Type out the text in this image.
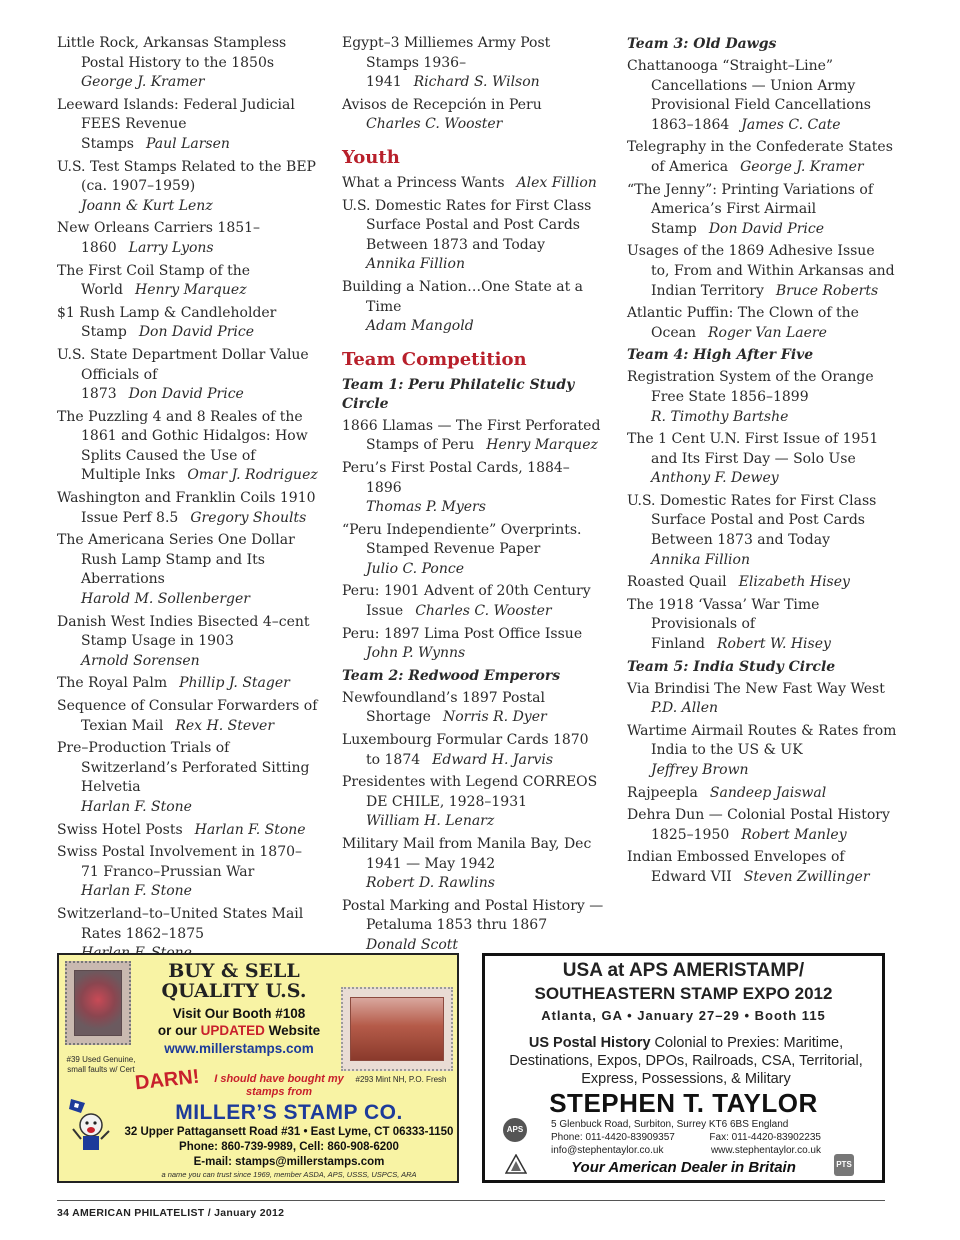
Little Rock, Arkansas Stampless Postal History to the 1850s
George J. Kramer
Leeward Islands: Federal Judicial FEES Revenue Stamps Paul Larsen
U.S. Test Stamps Related to the BEP (ca. 1907–1959)
Joann & Kurt Lenz
New Orleans Carriers 1851–1860 Larry Lyons
The First Coil Stamp of the World Henry Marquez
$1 Rush Lamp & Candleholder Stamp Don David Price
U.S. State Department Dollar Value Officials of 1873 Don David Price
The Puzzling 4 and 8 Reales of the 1861 and Gothic Hidalgos: How Splits Caused the Use of Multiple Inks Omar J. Rodriguez
Washington and Franklin Coils 1910 Issue Perf 8.5 Gregory Shoults
The Americana Series One Dollar Rush Lamp Stamp and Its Aberrations
Harold M. Sollenberger
Danish West Indies Bisected 4–cent Stamp Usage in 1903
Arnold Sorensen
The Royal Palm Phillip J. Stager
Sequence of Consular Forwarders of Texian Mail Rex H. Stever
Pre–Production Trials of Switzerland’s Perforated Sitting Helvetia
Harlan F. Stone
Swiss Hotel Posts Harlan F. Stone
Swiss Postal Involvement in 1870–71 Franco–Prussian War
Harlan F. Stone
Switzerland–to–United States Mail Rates 1862–1875
Egypt–3 Milliemes Army Post Stamps 1936–1941 Richard S. Wilson
Avisos de Recepción in Peru
Charles C. Wooster
Youth
What a Princess Wants Alex Fillion
U.S. Domestic Rates for First Class Surface Postal and Post Cards Between 1873 and Today
Annika Fillion
Building a Nation…One State at a Time
Adam Mangold
Team Competition
Team 1: Peru Philatelic Study Circle
1866 Llamas — The First Perforated Stamps of Peru Henry Marquez
Peru’s First Postal Cards, 1884–1896
Thomas P. Myers
“Peru Independiente” Overprints. Stamped Revenue Paper
Julio C. Ponce
Peru: 1901 Advent of 20th Century Issue Charles C. Wooster
Peru: 1897 Lima Post Office Issue
John P. Wynns
Team 2: Redwood Emperors
Newfoundland’s 1897 Postal Shortage Norris R. Dyer
Luxembourg Formular Cards 1870 to 1874 Edward H. Jarvis
Presidentes with Legend CORREOS DE CHILE, 1928–1931
William H. Lenarz
Military Mail from Manila Bay, Dec 1941 — May 1942
Robert D. Rawlins
Postal Marking and Postal History — Petaluma 1853 thru 1867
Donald Scott
Team 3: Old Dawgs
Chattanooga “Straight–Line” Cancellations — Union Army Provisional Field Cancellations 1863–1864 James C. Cate
Telegraphy in the Confederate States of America George J. Kramer
“The Jenny”: Printing Variations of America’s First Airmail Stamp Don David Price
Usages of the 1869 Adhesive Issue to, From and Within Arkansas and Indian Territory Bruce Roberts
Atlantic Puffin: The Clown of the Ocean Roger Van Laere
Team 4: High After Five
Registration System of the Orange Free State 1856–1899
R. Timothy Bartshe
The 1 Cent U.N. First Issue of 1951 and Its First Day — Solo Use
Anthony F. Dewey
U.S. Domestic Rates for First Class Surface Postal and Post Cards Between 1873 and Today
Annika Fillion
Roasted Quail Elizabeth Hisey
The 1918 ‘Vassa’ War Time Provisionals of Finland Robert W. Hisey
Team 5: India Study Circle
Via Brindisi The New Fast Way West
P.D. Allen
Wartime Airmail Routes & Rates from India to the US & UK
Jeffrey Brown
Rajpeepla Sandeep Jaiswal
Dehra Dun — Colonial Postal History 1825–1950 Robert Manley
Indian Embossed Envelopes of Edward VII Steven Zwillinger
#39 Used Genuine, small faults w/ Cert
BUY & SELL
QUALITY U.S.
Visit Our Booth #108
or our UPDATED Website
www.millerstamps.com
#293 Mint NH, P.O. Fresh
DARN!	I should have bought my stamps from
MILLER’S STAMP CO.
32 Upper Pattagansett Road #31 • East Lyme, CT 06333-1150
Phone: 860-739-9989, Cell: 860-908-6200
E-mail: stamps@millerstamps.com
a name you can trust since 1969, member ASDA, APS, USSS, USPCS, ARA
USA at APS AMERISTAMP/
SOUTHEASTERN STAMP EXPO 2012
Atlanta, GA • January 27–29 • Booth 115
US Postal History Colonial to Prexies: Maritime, Destinations, Expos, DPOs, Railroads, CSA, Territorial, Express, Possessions, & Military
STEPHEN T. TAYLOR
APS
PTS
5 Glenbuck Road, Surbiton, Surrey KT6 6BS England
Phone: 011-4420-83909357	Fax: 011-4420-83902235
info@stephentaylor.co.uk	www.stephentaylor.co.uk
Your American Dealer in Britain
34 AMERICAN PHILATELIST / January 2012
